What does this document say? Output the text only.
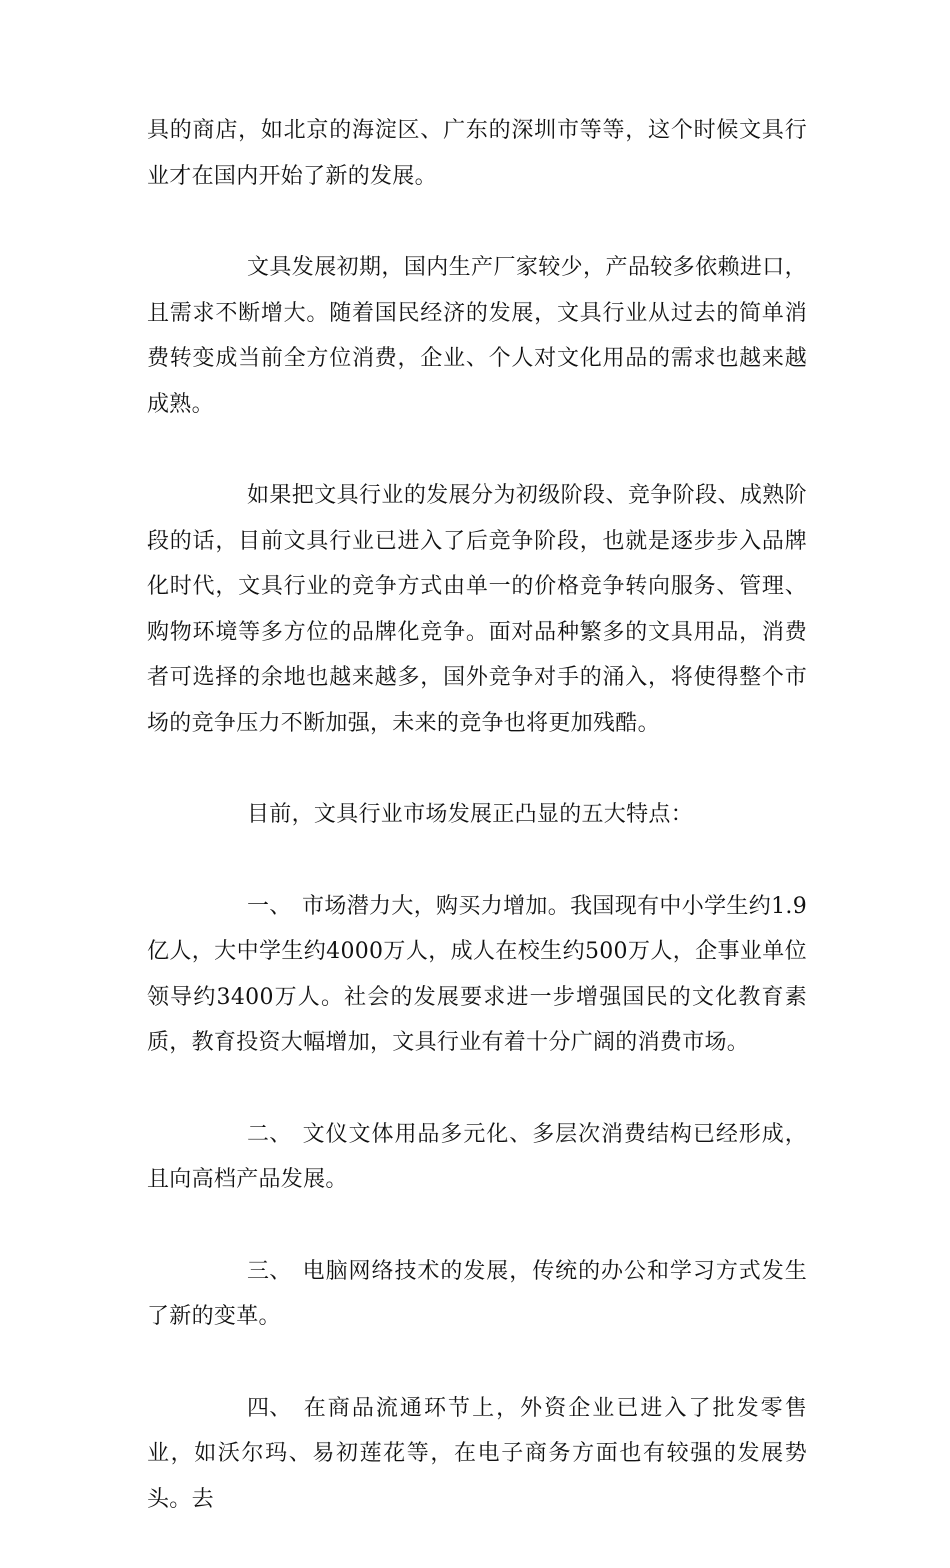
具的商店，如北京的海淀区、广东的深圳市等等，这个时候文具行业才在国内开始了新的发展。

文具发展初期，国内生产厂家较少，产品较多依赖进口，且需求不断增大。随着国民经济的发展，文具行业从过去的简单消费转变成当前全方位消费，企业、个人对文化用品的需求也越来越成熟。

如果把文具行业的发展分为初级阶段、竞争阶段、成熟阶段的话，目前文具行业已进入了后竞争阶段，也就是逐步步入品牌化时代，文具行业的竞争方式由单一的价格竞争转向服务、管理、购物环境等多方位的品牌化竞争。面对品种繁多的文具用品，消费者可选择的余地也越来越多，国外竞争对手的涌入，将使得整个市场的竞争压力不断加强，未来的竞争也将更加残酷。

目前，文具行业市场发展正凸显的五大特点：

一、 市场潜力大，购买力增加。我国现有中小学生约1.9亿人，大中学生约4000万人，成人在校生约500万人，企事业单位领导约3400万人。社会的发展要求进一步增强国民的文化教育素质，教育投资大幅增加，文具行业有着十分广阔的消费市场。

二、 文仪文体用品多元化、多层次消费结构已经形成，且向高档产品发展。

三、 电脑网络技术的发展，传统的办公和学习方式发生了新的变革。

四、 在商品流通环节上，外资企业已进入了批发零售业，如沃尔玛、易初莲花等，在电子商务方面也有较强的发展势头。去
